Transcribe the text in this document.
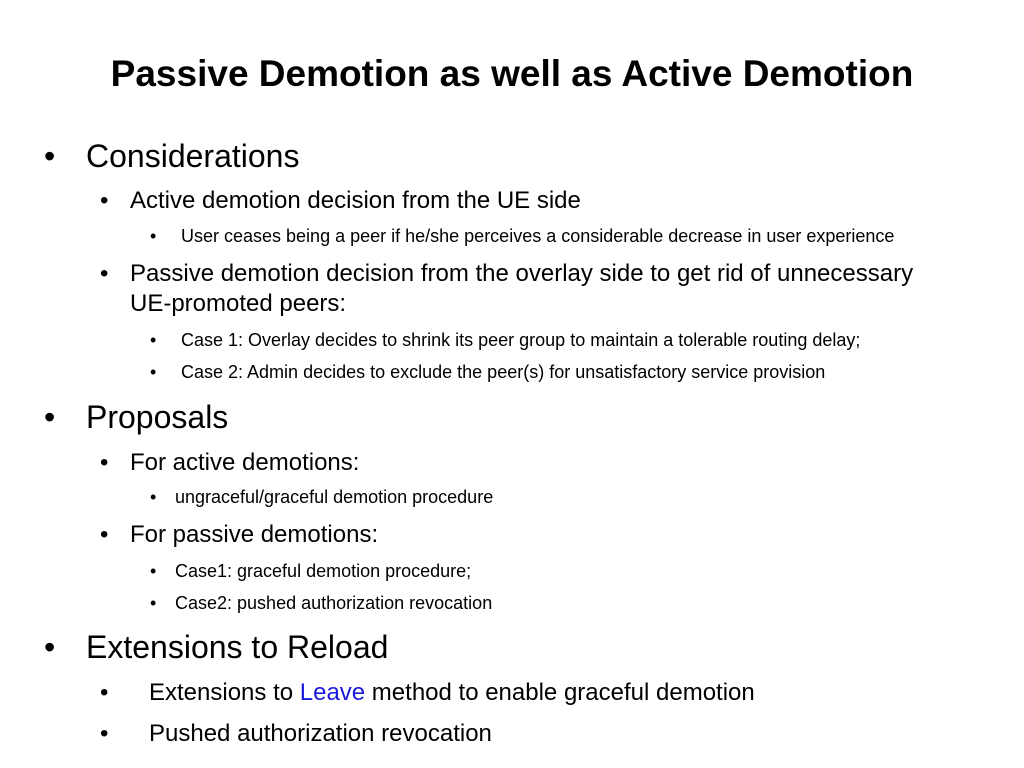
Passive Demotion as well as Active Demotion
• Considerations
• Active demotion decision from the UE side
• User ceases being a peer if he/she perceives a considerable decrease in user experience
• Passive demotion decision from the overlay side to get rid of unnecessary
UE-promoted peers:
• Case 1: Overlay decides to shrink its peer group to maintain a tolerable routing delay;
• Case 2: Admin decides to exclude the peer(s) for unsatisfactory service provision
• Proposals
• For active demotions:
• ungraceful/graceful demotion procedure
• For passive demotions:
• Case1: graceful demotion procedure;
• Case2: pushed authorization revocation
• Extensions to Reload
• Extensions to Leave method to enable graceful demotion
• Pushed authorization revocation
